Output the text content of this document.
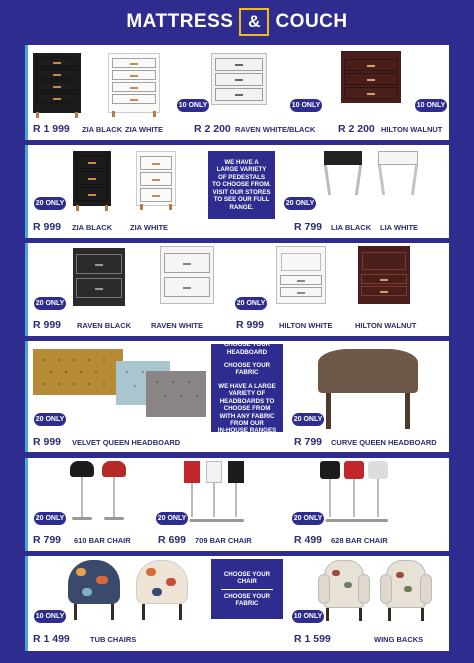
MATTRESS & COUCH
10 ONLY	10 ONLY	10 ONLY
R 1 999 ZIA BLACK ZIA WHITE	R 2 200 RAVEN WHITE/BLACK R 2 200 HILTON WALNUT
WE HAVE A
LARGE VARIETY
OF PEDESTALS
TO CHOOSE FROM.
VISIT OUR STORES
TO SEE OUR FULL
RANGE.
20 ONLY	20 ONLY
R 999 ZIA BLACK ZIA WHITE	R 799 LIA BLACK LIA WHITE
20 ONLY	20 ONLY
R 999 RAVEN BLACK	RAVEN WHITE	R 999 HILTON WHITE	HILTON WALNUT
CHOOSE YOUR HEADBOARD
CHOOSE YOUR FABRIC
WE HAVE A LARGE
VARIETY OF
HEADBOARDS TO
CHOOSE FROM
WITH ANY FABRIC
FROM OUR
IN-HOUSE RANGES
20 ONLY	20 ONLY
R 999 VELVET QUEEN HEADBOARD	R 799 CURVE QUEEN HEADBOARD
20 ONLY	20 ONLY	20 ONLY
R 799 610 BAR CHAIR	R 699 709 BAR CHAIR	R 499 628 BAR CHAIR
CHOOSE YOUR CHAIR
CHOOSE YOUR FABRIC
10 ONLY	10 ONLY
R 1 499	TUB CHAIRS	R 1 599	WING BACKS
